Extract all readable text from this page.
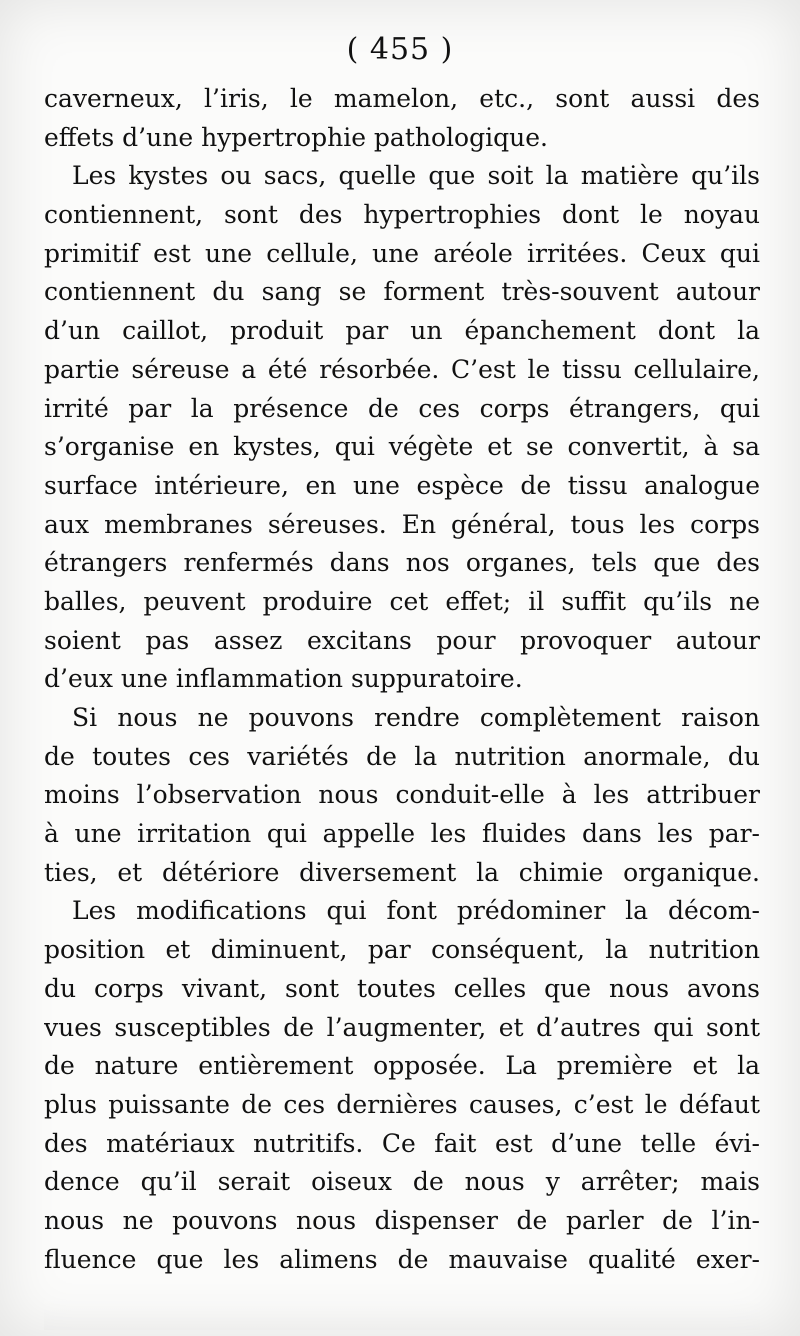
( 455 )
caverneux, l’iris, le mamelon, etc., sont aussi des
effets d’une hypertrophie pathologique.
Les kystes ou sacs, quelle que soit la matière qu’ils
contiennent, sont des hypertrophies dont le noyau
primitif est une cellule, une aréole irritées. Ceux qui
contiennent du sang se forment très-souvent autour
d’un caillot, produit par un épanchement dont la
partie séreuse a été résorbée. C’est le tissu cellulaire,
irrité par la présence de ces corps étrangers, qui
s’organise en kystes, qui végète et se convertit, à sa
surface intérieure, en une espèce de tissu analogue
aux membranes séreuses. En général, tous les corps
étrangers renfermés dans nos organes, tels que des
balles, peuvent produire cet effet; il suffit qu’ils ne
soient pas assez excitans pour provoquer autour
d’eux une inflammation suppuratoire.
Si nous ne pouvons rendre complètement raison
de toutes ces variétés de la nutrition anormale, du
moins l’observation nous conduit-elle à les attribuer
à une irritation qui appelle les fluides dans les par-
ties, et détériore diversement la chimie organique.
Les modifications qui font prédominer la décom-
position et diminuent, par conséquent, la nutrition
du corps vivant, sont toutes celles que nous avons
vues susceptibles de l’augmenter, et d’autres qui sont
de nature entièrement opposée. La première et la
plus puissante de ces dernières causes, c’est le défaut
des matériaux nutritifs. Ce fait est d’une telle évi-
dence qu’il serait oiseux de nous y arrêter; mais
nous ne pouvons nous dispenser de parler de l’in-
fluence que les alimens de mauvaise qualité exer-
